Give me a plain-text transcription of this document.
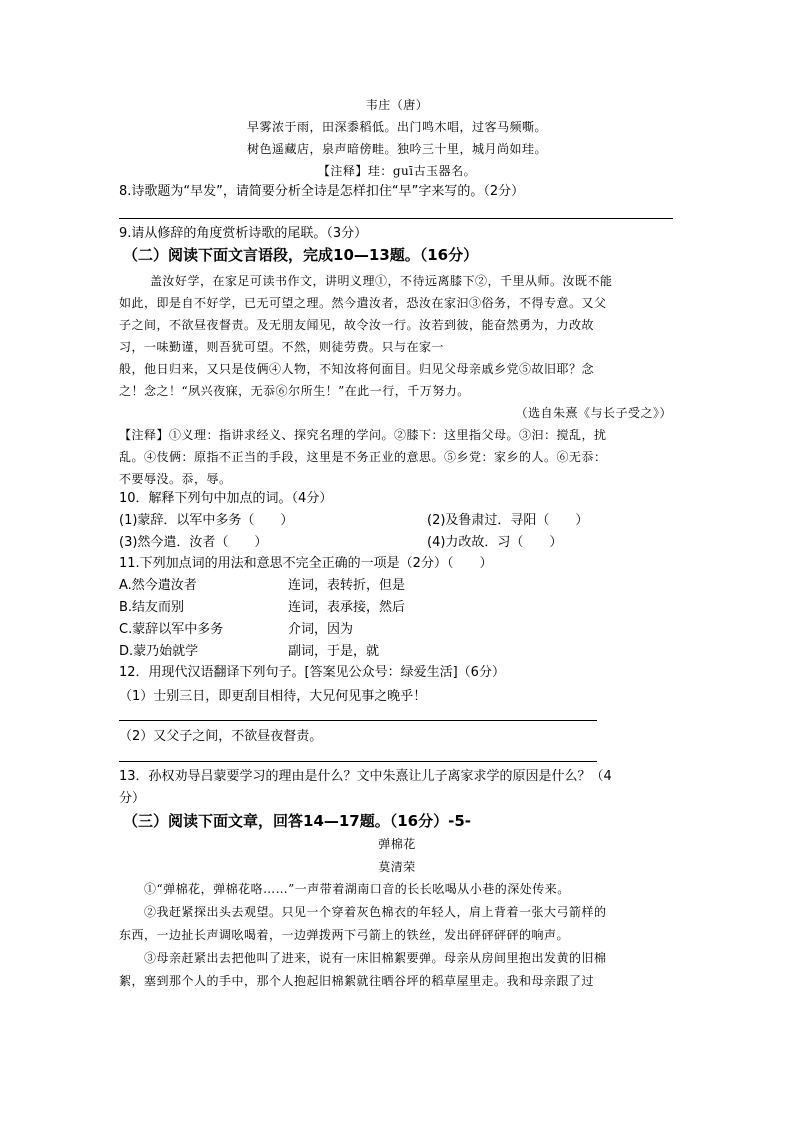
韦庄（唐）
早雾浓于雨，田深黍稻低。出门鸣木唱，过客马频嘶。
树色遥藏店，泉声暗傍畦。独吟三十里，城月尚如珪。
【注释】珪：guī古玉器名。
8.诗歌题为“早发”，请简要分析全诗是怎样扣住“早”字来写的。（2分）
9.请从修辞的角度赏析诗歌的尾联。（3分）
（二）阅读下面文言语段，完成10—13题。（16分）
盖汝好学，在家足可读书作文，讲明义理①，不待远离膝下②，千里从师。汝既不能
如此，即是自不好学，已无可望之理。然今遣汝者，恐汝在家汩③俗务，不得专意。又父
子之间，不欲昼夜督责。及无朋友闻见，故令汝一行。汝若到彼，能奋然勇为，力改故
习，一味勤谨，则吾犹可望。不然，则徒劳费。只与在家一
般，他日归来，又只是伎俩④人物，不知汝将何面目。归见父母亲戚乡党⑤故旧耶？念
之！念之！“夙兴夜寐，无忝⑥尔所生！”在此一行，千万努力。
（选自朱熹《与长子受之》）
【注释】①义理：指讲求经义、探究名理的学问。②膝下：这里指父母。③汩：搅乱，扰
乱。④伎俩：原指不正当的手段，这里是不务正业的意思。⑤乡党：家乡的人。⑥无忝：
不要辱没。忝，辱。
10．解释下列句中加点的词。（4分）
(1)蒙辞．以军中多务（　　）	(2)及鲁肃过．寻阳（　　）
(3)然今遣．汝者（　　）	(4)力改故．习（　　）
11.下列加点词的用法和意思不完全正确的一项是（2分）（　　）
A.然今遣汝者	连词，表转折，但是
B.结友而别	连词，表承接，然后
C.蒙辞以军中多务	介词，因为
D.蒙乃始就学	副词，于是，就
12．用现代汉语翻译下列句子。[答案见公众号：绿爱生活]（6分）
（1）士别三日，即更刮目相待，大兄何见事之晚乎！
（2）又父子之间，不欲昼夜督责。
13．孙权劝导吕蒙要学习的理由是什么？文中朱熹让儿子离家求学的原因是什么？（4
分）
（三）阅读下面文章，回答14—17题。（16分）-5-
弹棉花
莫清荣
①“弹棉花，弹棉花咯……”一声带着湖南口音的长长吆喝从小巷的深处传来。
②我赶紧探出头去观望。只见一个穿着灰色棉衣的年轻人，肩上背着一张大弓箭样的
东西，一边扯长声调吆喝着，一边弹拨两下弓箭上的铁丝，发出砰砰砰砰的响声。
③母亲赶紧出去把他叫了进来，说有一床旧棉絮要弹。母亲从房间里抱出发黄的旧棉
絮，塞到那个人的手中，那个人抱起旧棉絮就往晒谷坪的稻草屋里走。我和母亲跟了过
